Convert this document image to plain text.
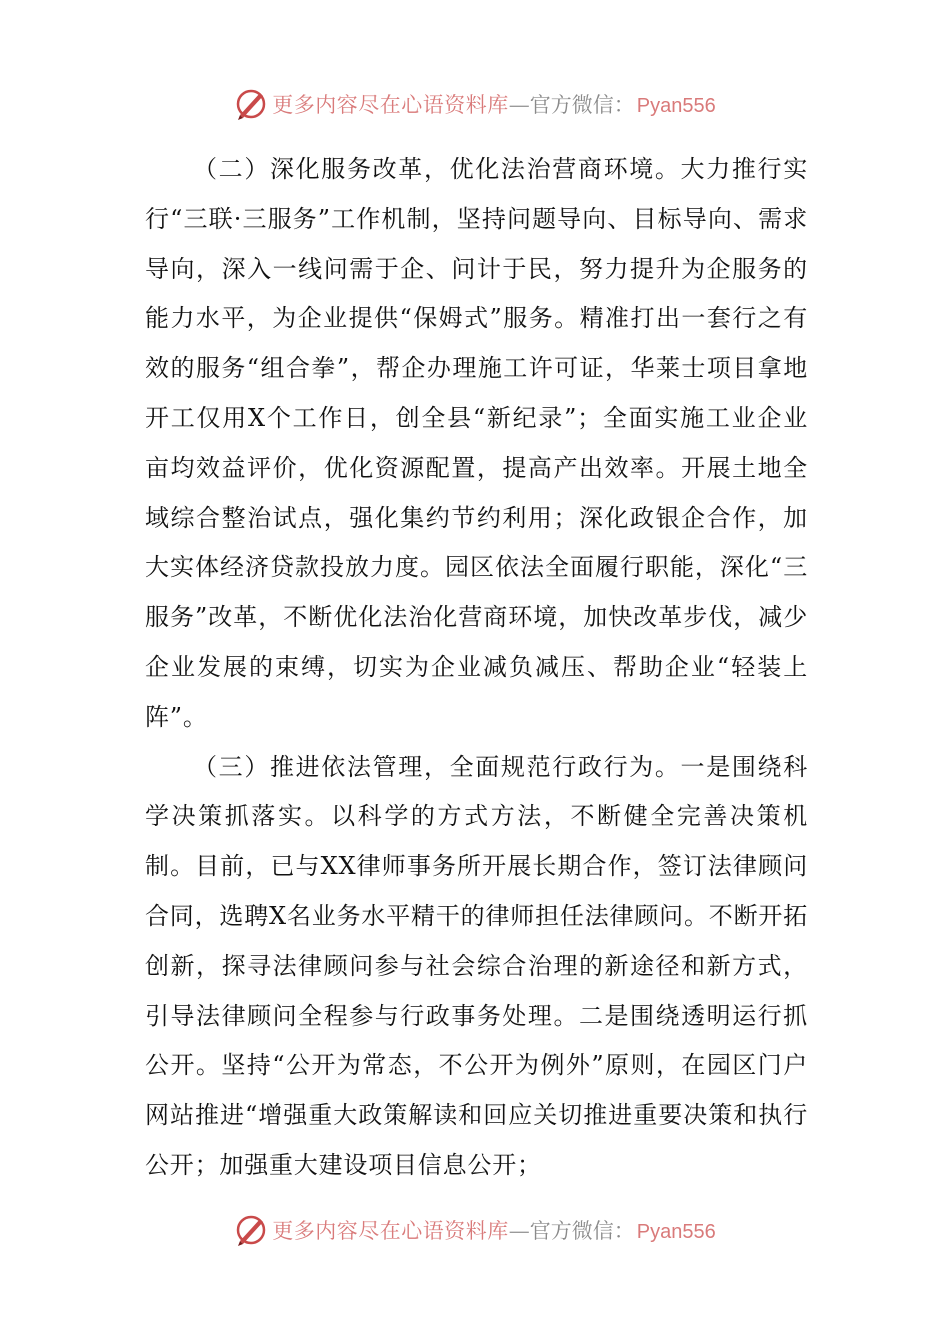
更多内容尽在心语资料库 — 官方微信： Pyan556

（二）深化服务改革，优化法治营商环境。大力推行实行“三联·三服务”工作机制，坚持问题导向、目标导向、需求导向，深入一线问需于企、问计于民，努力提升为企服务的能力水平，为企业提供“保姆式”服务。精准打出一套行之有效的服务“组合拳”，帮企办理施工许可证，华莱士项目拿地开工仅用X个工作日，创全县“新纪录”；全面实施工业企业亩均效益评价，优化资源配置，提高产出效率。开展土地全域综合整治试点，强化集约节约利用；深化政银企合作，加大实体经济贷款投放力度。园区依法全面履行职能，深化“三服务”改革，不断优化法治化营商环境，加快改革步伐，减少企业发展的束缚，切实为企业减负减压、帮助企业“轻装上阵”。

（三）推进依法管理，全面规范行政行为。一是围绕科学决策抓落实。以科学的方式方法，不断健全完善决策机制。目前，已与XX律师事务所开展长期合作，签订法律顾问合同，选聘X名业务水平精干的律师担任法律顾问。不断开拓创新，探寻法律顾问参与社会综合治理的新途径和新方式，引导法律顾问全程参与行政事务处理。二是围绕透明运行抓公开。坚持“公开为常态，不公开为例外”原则，在园区门户网站推进“增强重大政策解读和回应关切推进重要决策和执行公开；加强重大建设项目信息公开；

更多内容尽在心语资料库 — 官方微信： Pyan556
